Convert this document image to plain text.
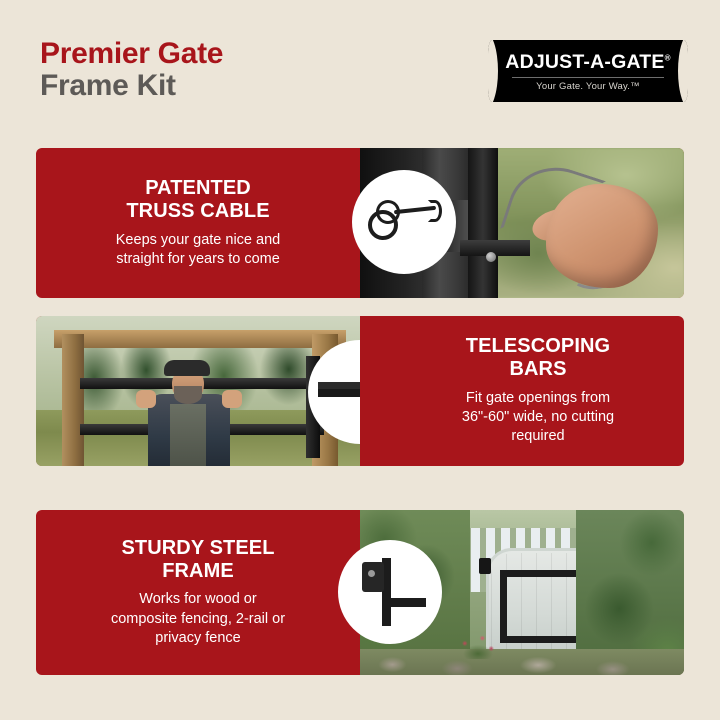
Premier Gate
Frame Kit
ADJUST-A-GATE®
Your Gate. Your Way.™
PATENTED
TRUSS CABLE
Keeps your gate nice and
straight for years to come
TELESCOPING
BARS
Fit gate openings from
36"-60" wide, no cutting
required
STURDY STEEL
FRAME
Works for wood or
composite fencing, 2-rail or
privacy fence
